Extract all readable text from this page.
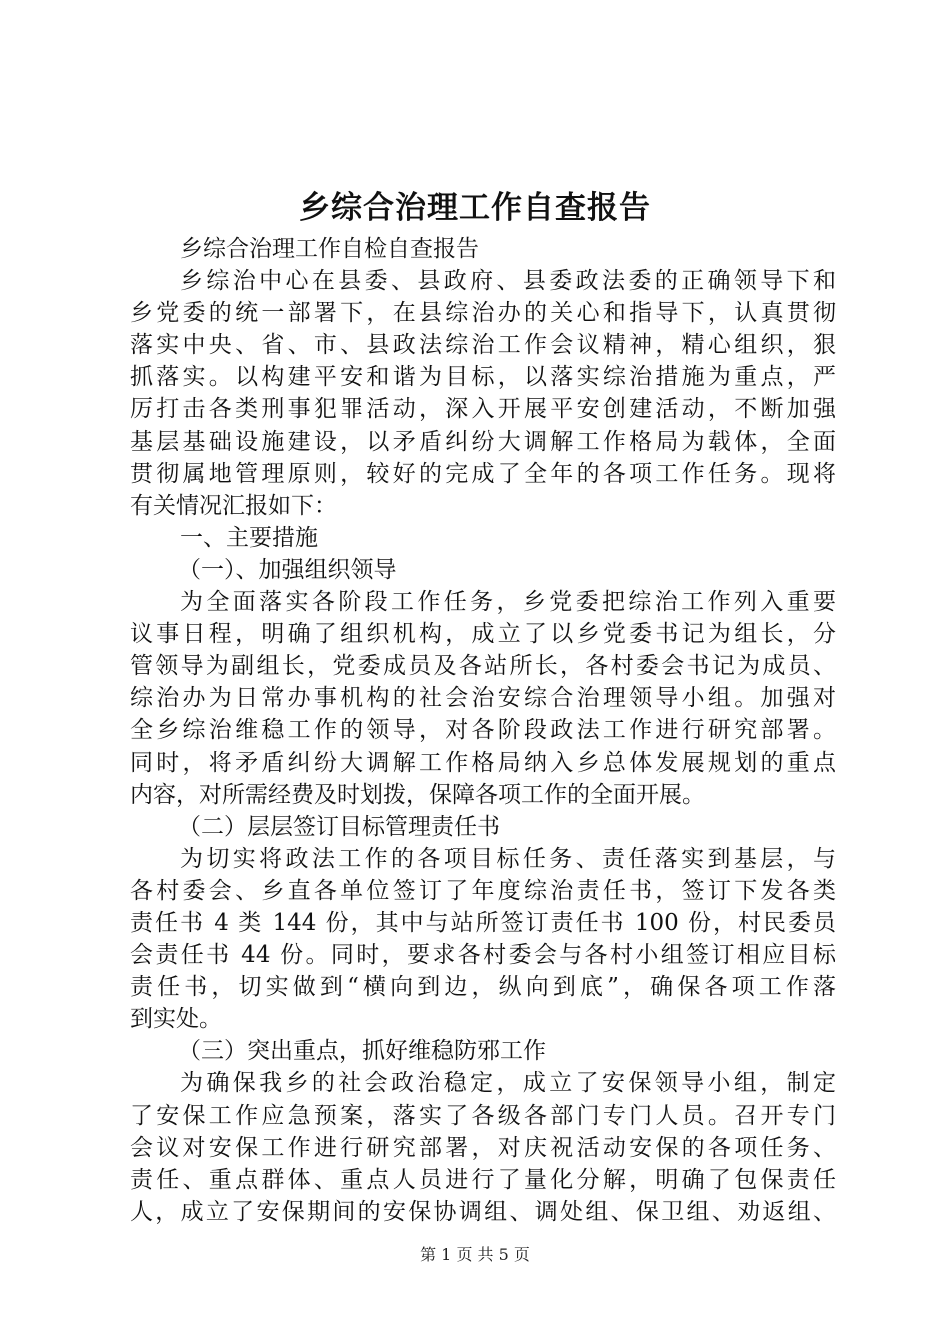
乡综合治理工作自查报告
乡综合治理工作自检自查报告
乡综治中心在县委、县政府、县委政法委的正确领导下和
乡党委的统一部署下，在县综治办的关心和指导下，认真贯彻
落实中央、省、市、县政法综治工作会议精神，精心组织，狠
抓落实。以构建平安和谐为目标，以落实综治措施为重点，严
厉打击各类刑事犯罪活动，深入开展平安创建活动，不断加强
基层基础设施建设，以矛盾纠纷大调解工作格局为载体，全面
贯彻属地管理原则，较好的完成了全年的各项工作任务。现将
有关情况汇报如下：
一、主要措施
（一）、加强组织领导
为全面落实各阶段工作任务，乡党委把综治工作列入重要
议事日程，明确了组织机构，成立了以乡党委书记为组长，分
管领导为副组长，党委成员及各站所长，各村委会书记为成员、
综治办为日常办事机构的社会治安综合治理领导小组。加强对
全乡综治维稳工作的领导，对各阶段政法工作进行研究部署。
同时，将矛盾纠纷大调解工作格局纳入乡总体发展规划的重点
内容，对所需经费及时划拨，保障各项工作的全面开展。
（二）层层签订目标管理责任书
为切实将政法工作的各项目标任务、责任落实到基层，与
各村委会、乡直各单位签订了年度综治责任书，签订下发各类
责任书 4 类 144 份，其中与站所签订责任书 100 份，村民委员
会责任书 44 份。同时，要求各村委会与各村小组签订相应目标
责任书，切实做到“横向到边，纵向到底”，确保各项工作落
到实处。
（三）突出重点，抓好维稳防邪工作
为确保我乡的社会政治稳定，成立了安保领导小组，制定
了安保工作应急预案，落实了各级各部门专门人员。召开专门
会议对安保工作进行研究部署，对庆祝活动安保的各项任务、
责任、重点群体、重点人员进行了量化分解，明确了包保责任
人，成立了安保期间的安保协调组、调处组、保卫组、劝返组、
第 1 页 共 5 页
